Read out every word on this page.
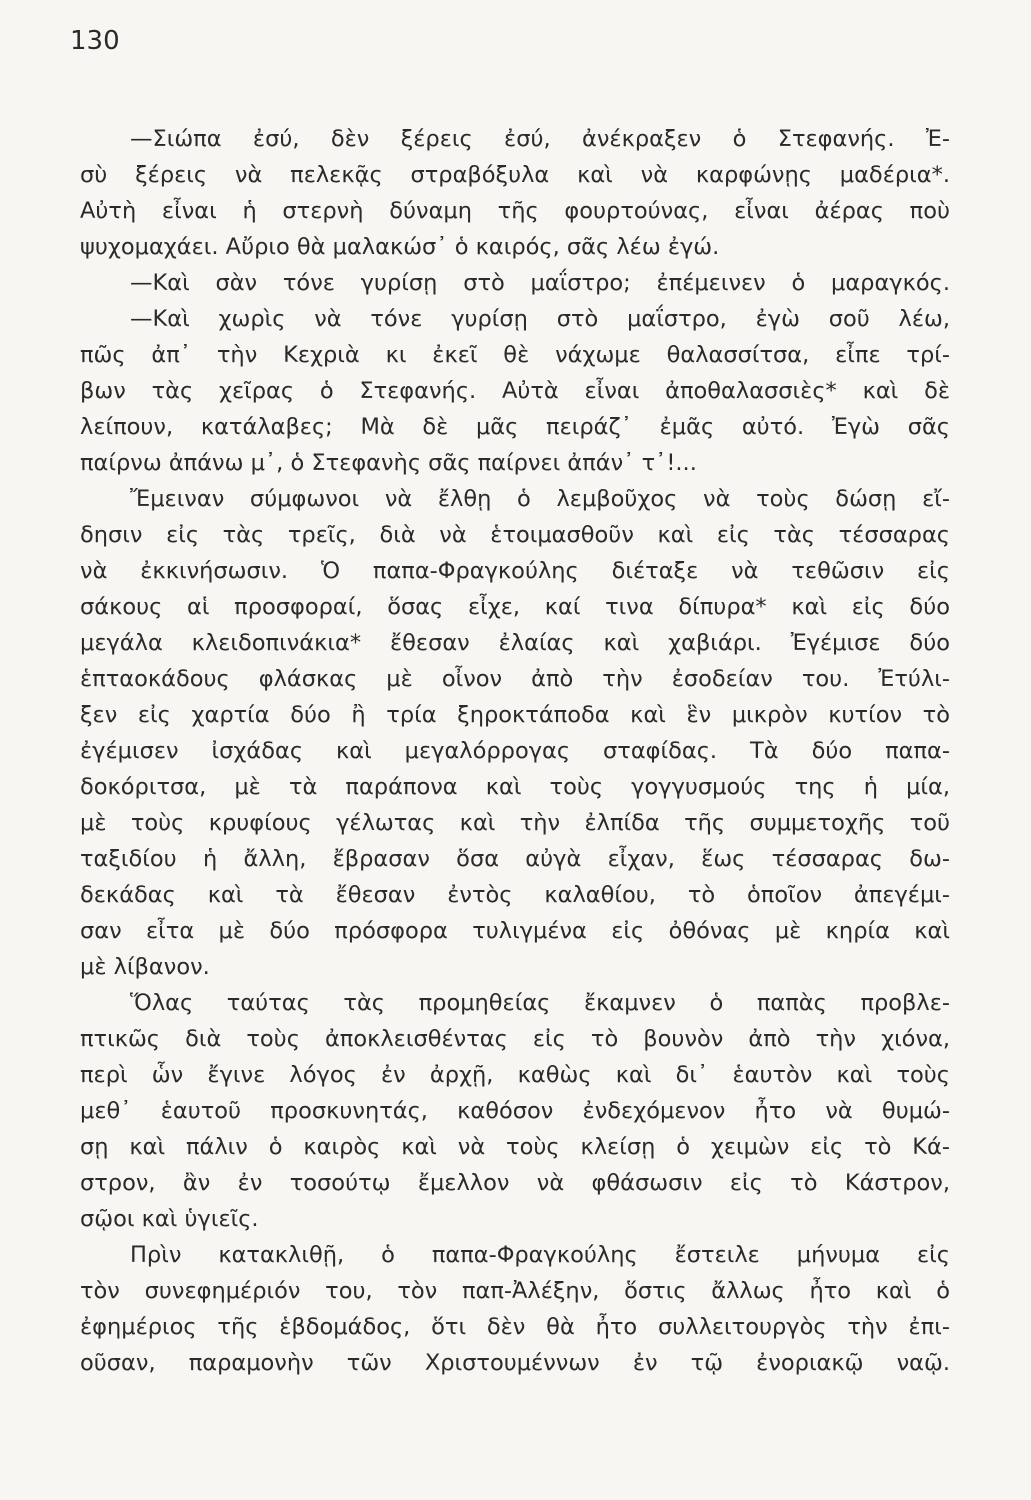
130
—Σιώπα ἐσύ, δὲν ξέρεις ἐσύ, ἀνέκραξεν ὁ Στεφανής. Ἐ-
σὺ ξέρεις νὰ πελεκᾷς στραβόξυλα καὶ νὰ καρφώνῃς μαδέρια*.
Αὐτὴ εἶναι ἡ στερνὴ δύναμη τῆς φουρτούνας, εἶναι ἀέρας ποὺ
ψυχομαχάει. Αὔριο θὰ μαλακώσ᾿ ὁ καιρός, σᾶς λέω ἐγώ.
—Καὶ σὰν τόνε γυρίσῃ στὸ μαΐστρο; ἐπέμεινεν ὁ μαραγκός.
—Καὶ χωρὶς νὰ τόνε γυρίσῃ στὸ μαΐστρο, ἐγὼ σοῦ λέω,
πῶς ἀπ᾿ τὴν Κεχριὰ κι ἐκεῖ θὲ νάχωμε θαλασσίτσα, εἶπε τρί-
βων τὰς χεῖρας ὁ Στεφανής. Αὐτὰ εἶναι ἀποθαλασσιὲς* καὶ δὲ
λείπουν, κατάλαβες; Μὰ δὲ μᾶς πειράζ᾿ ἐμᾶς αὐτό. Ἐγὼ σᾶς
παίρνω ἀπάνω μ᾿, ὁ Στεφανὴς σᾶς παίρνει ἀπάν᾿ τ᾿!...
Ἔμειναν σύμφωνοι νὰ ἔλθῃ ὁ λεμβοῦχος νὰ τοὺς δώσῃ εἴ-
δησιν εἰς τὰς τρεῖς, διὰ νὰ ἑτοιμασθοῦν καὶ εἰς τὰς τέσσαρας
νὰ ἐκκινήσωσιν. Ὁ παπα-Φραγκούλης διέταξε νὰ τεθῶσιν εἰς
σάκους αἱ προσφοραί, ὅσας εἶχε, καί τινα δίπυρα* καὶ εἰς δύο
μεγάλα κλειδοπινάκια* ἔθεσαν ἐλαίας καὶ χαβιάρι. Ἐγέμισε δύο
ἑπταοκάδους φλάσκας μὲ οἶνον ἀπὸ τὴν ἐσοδείαν του. Ἐτύλι-
ξεν εἰς χαρτία δύο ἢ τρία ξηροκτάποδα καὶ ἓν μικρὸν κυτίον τὸ
ἐγέμισεν ἰσχάδας καὶ μεγαλόρρογας σταφίδας. Τὰ δύο παπα-
δοκόριτσα, μὲ τὰ παράπονα καὶ τοὺς γογγυσμούς της ἡ μία,
μὲ τοὺς κρυφίους γέλωτας καὶ τὴν ἐλπίδα τῆς συμμετοχῆς τοῦ
ταξιδίου ἡ ἄλλη, ἔβρασαν ὅσα αὐγὰ εἶχαν, ἕως τέσσαρας δω-
δεκάδας καὶ τὰ ἔθεσαν ἐντὸς καλαθίου, τὸ ὁποῖον ἀπεγέμι-
σαν εἶτα μὲ δύο πρόσφορα τυλιγμένα εἰς ὀθόνας μὲ κηρία καὶ
μὲ λίβανον.
Ὅλας ταύτας τὰς προμηθείας ἔκαμνεν ὁ παπὰς προβλε-
πτικῶς διὰ τοὺς ἀποκλεισθέντας εἰς τὸ βουνὸν ἀπὸ τὴν χιόνα,
περὶ ὧν ἔγινε λόγος ἐν ἀρχῇ, καθὼς καὶ δι᾿ ἑαυτὸν καὶ τοὺς
μεθ᾿ ἑαυτοῦ προσκυνητάς, καθόσον ἐνδεχόμενον ἦτο νὰ θυμώ-
σῃ καὶ πάλιν ὁ καιρὸς καὶ νὰ τοὺς κλείσῃ ὁ χειμὼν εἰς τὸ Κά-
στρον, ἂν ἐν τοσούτῳ ἔμελλον νὰ φθάσωσιν εἰς τὸ Κάστρον,
σῷοι καὶ ὑγιεῖς.
Πρὶν κατακλιθῇ, ὁ παπα-Φραγκούλης ἔστειλε μήνυμα εἰς
τὸν συνεφημέριόν του, τὸν παπ-Ἀλέξην, ὅστις ἄλλως ἦτο καὶ ὁ
ἐφημέριος τῆς ἑβδομάδος, ὅτι δὲν θὰ ἦτο συλλειτουργὸς τὴν ἐπι-
οῦσαν, παραμονὴν τῶν Χριστουμέννων ἐν τῷ ἐνοριακῷ ναῷ.
